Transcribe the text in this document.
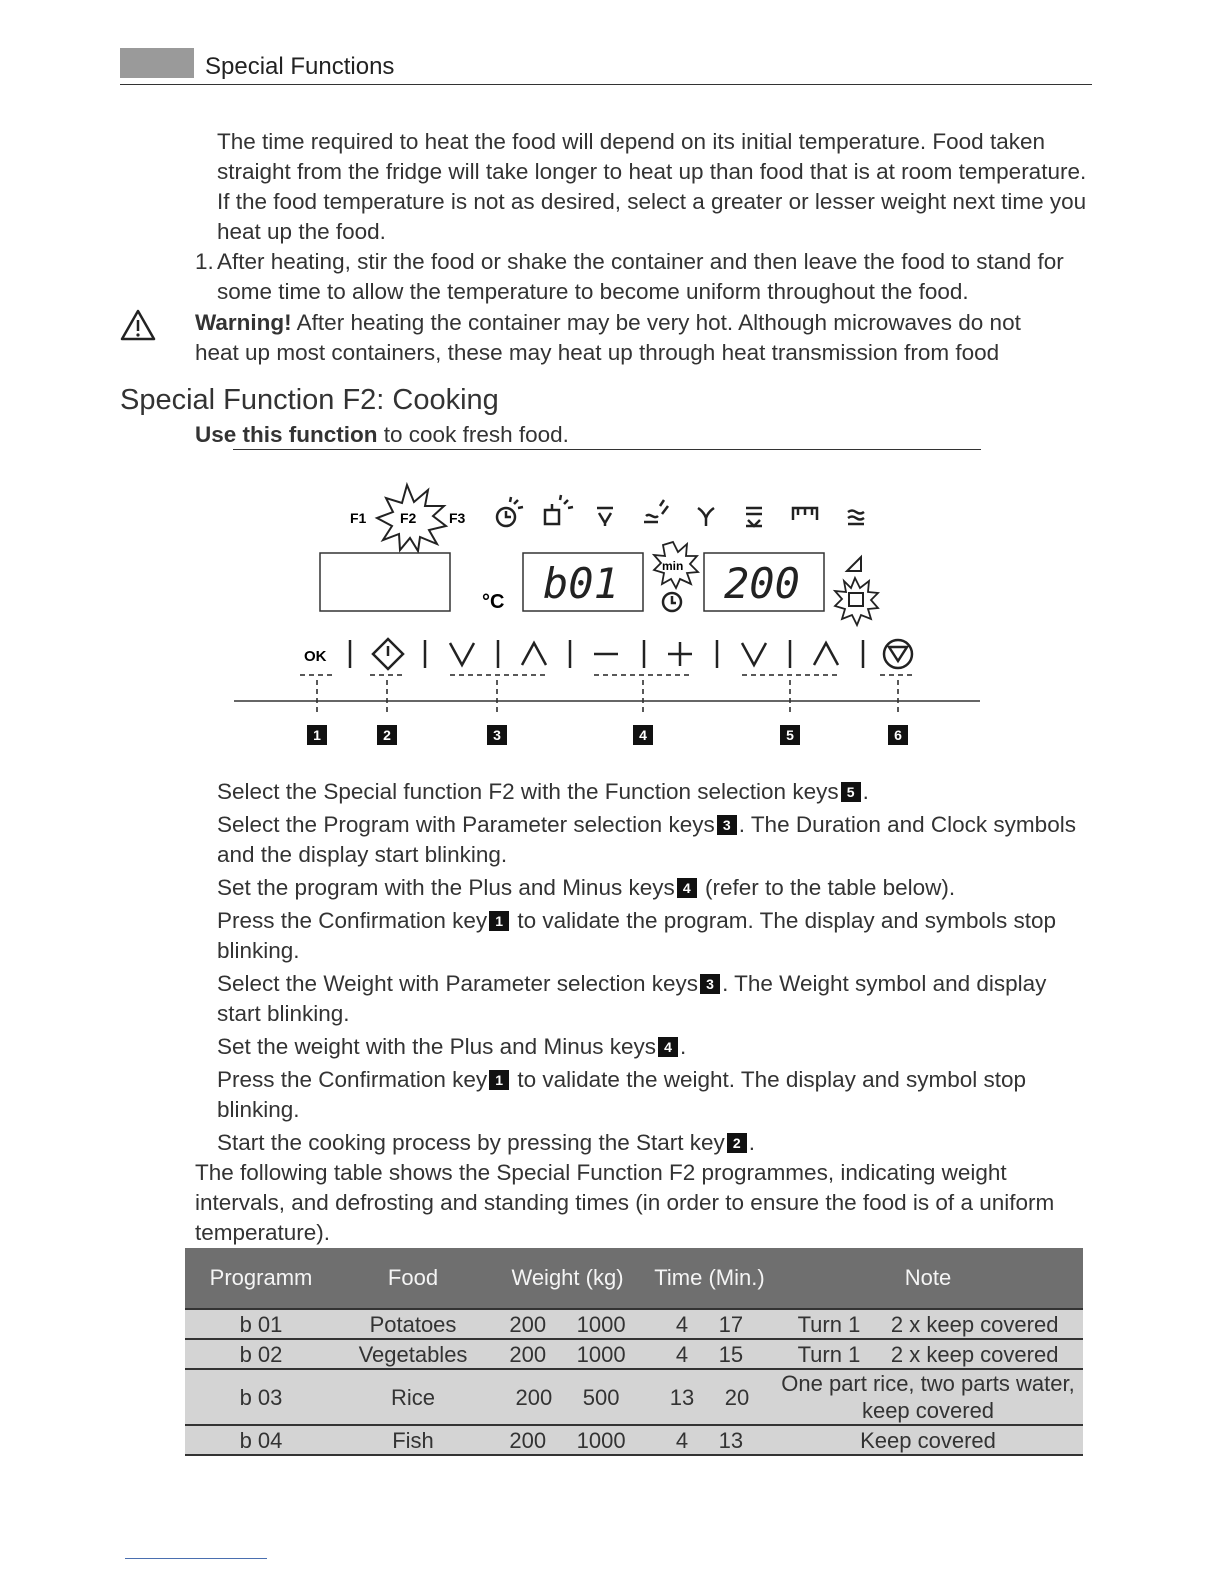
Special Functions
The time required to heat the food will depend on its initial temperature. Food taken straight from the fridge will take longer to heat up than food that is at room temperature. If the food temperature is not as desired, select a greater or lesser weight next time you heat up the food.
1. After heating, stir the food or shake the container and then leave the food to stand for some time to allow the temperature to become uniform throughout the food.
Warning! After heating the container may be very hot. Although microwaves do not heat up most containers, these may heat up through heat transmission from food
Special Function F2: Cooking
Use this function to cook fresh food.
F1 F2 F3
°C b01	min 200
OK
1	2	3	4	5	6
Select the Special function F2 with the Function selection keys 5 .
Select the Program with Parameter selection keys 3 . The Duration and Clock symbols and the display start blinking.
Set the program with the Plus and Minus keys 4 (refer to the table below).
Press the Confirmation key 1 to validate the program. The display and symbols stop blinking.
Select the Weight with Parameter selection keys 3 . The Weight symbol and display start blinking.
Set the weight with the Plus and Minus keys 4 .
Press the Confirmation key 1 to validate the weight. The display and symbol stop blinking.
Start the cooking process by pressing the Start key 2 .
The following table shows the Special Function F2 programmes, indicating weight intervals, and defrosting and standing times (in order to ensure the food is of a uniform temperature).
Programm	Food	Weight (kg)	Time (Min.)	Note
b 01	Potatoes	200     1000	4     17	Turn 1     2 x keep covered
b 02	Vegetables	200     1000	4     15	Turn 1     2 x keep covered
b 03	Rice	200     500	13     20	One part rice, two parts water, keep covered
b 04	Fish	200     1000	4     13	Keep covered
